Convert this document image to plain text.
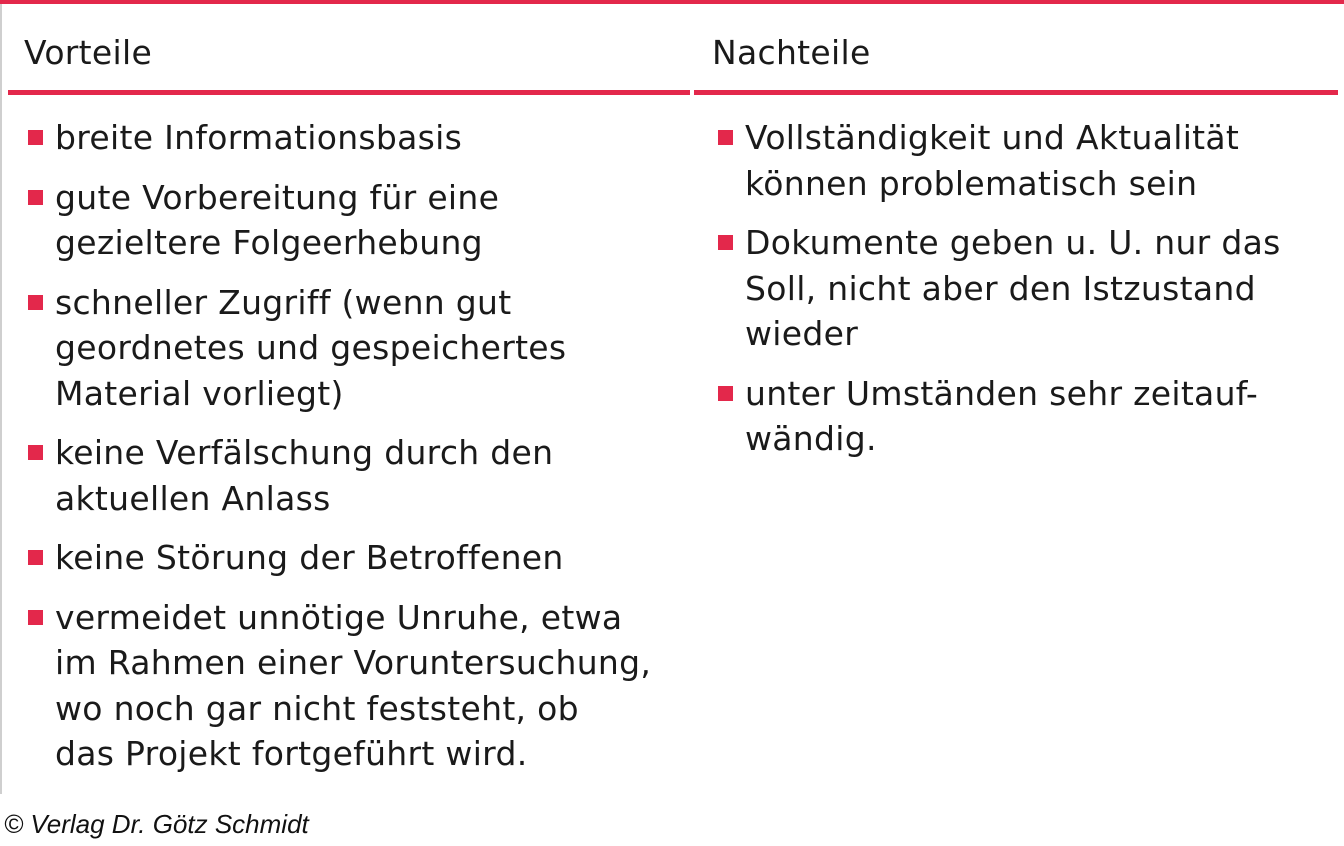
Vorteile	Nachteile
breite Informationsbasis
gute Vorbereitung für eine
gezieltere Folgeerhebung
schneller Zugriff (wenn gut
geordnetes und gespeichertes
Material vorliegt)
keine Verfälschung durch den
aktuellen Anlass
keine Störung der Betroffenen
vermeidet unnötige Unruhe, etwa
im Rahmen einer Voruntersuchung,
wo noch gar nicht feststeht, ob
das Projekt fortgeführt wird.
Vollständigkeit und Aktualität
können problematisch sein
Dokumente geben u. U. nur das
Soll, nicht aber den Istzustand
wieder
unter Umständen sehr zeitauf-
wändig.
© Verlag Dr. Götz Schmidt
